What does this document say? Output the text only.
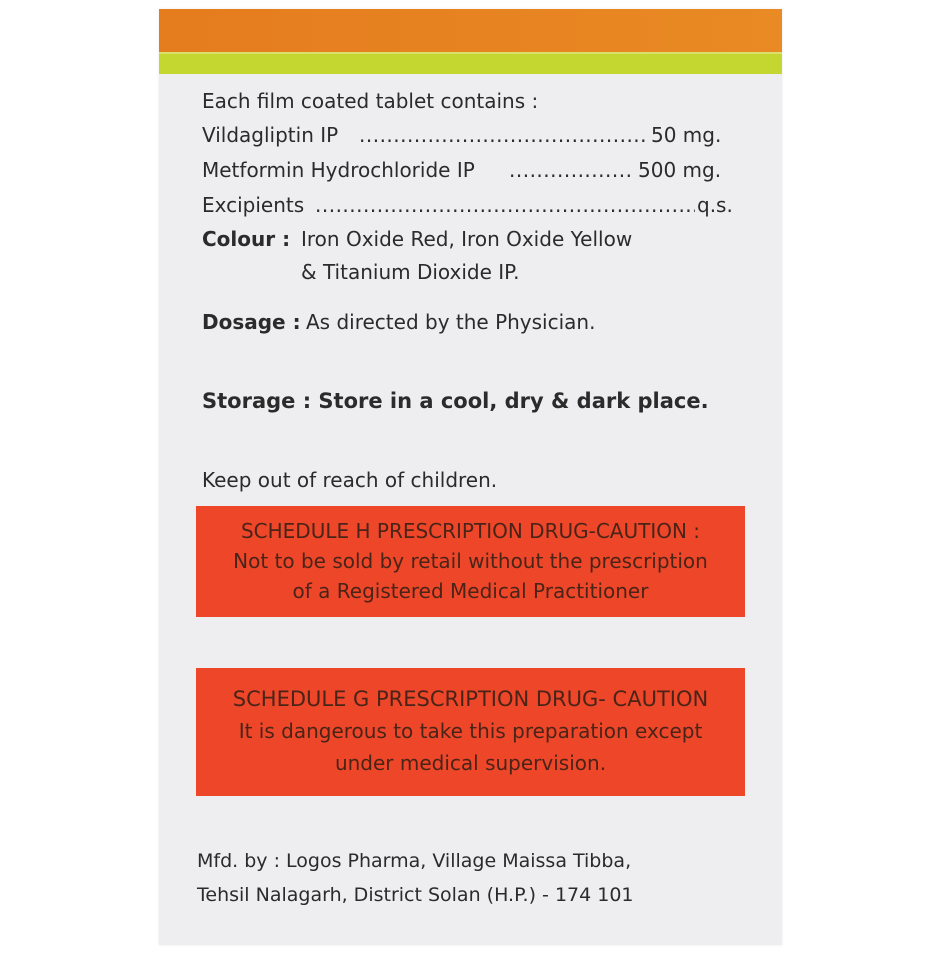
Each film coated tablet contains :
Vildagliptin IP .....	50 mg.
Metformin Hydrochloride IP .....	500 mg.
Excipients .....	q.s.
Colour : Iron Oxide Red, Iron Oxide Yellow
& Titanium Dioxide IP.
Dosage : As directed by the Physician.
Storage : Store in a cool, dry & dark place.
Keep out of reach of children.
SCHEDULE H PRESCRIPTION DRUG-CAUTION :
Not to be sold by retail without the prescription
of a Registered Medical Practitioner
SCHEDULE G PRESCRIPTION DRUG- CAUTION
It is dangerous to take this preparation except
under medical supervision.
Mfd. by : Logos Pharma, Village Maissa Tibba,
Tehsil Nalagarh, District Solan (H.P.) - 174 101
